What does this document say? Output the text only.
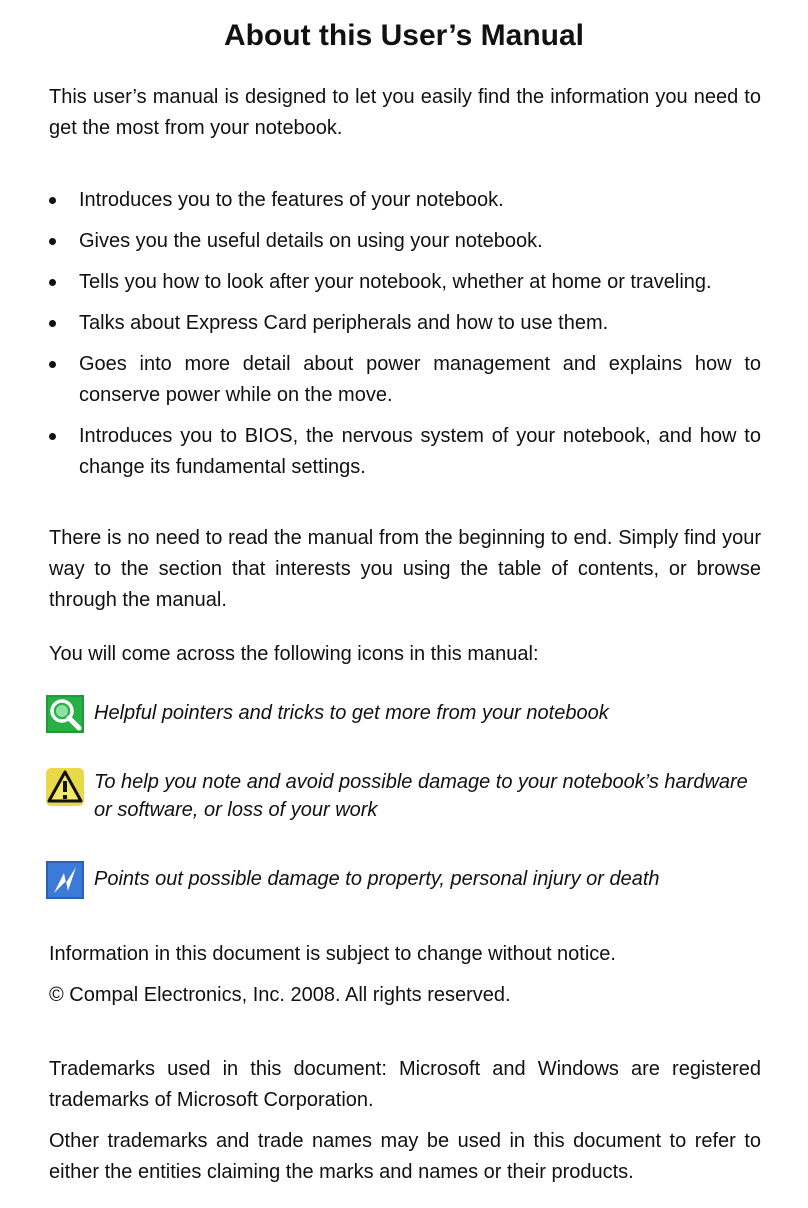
About this User’s Manual

This user’s manual is designed to let you easily find the information you need to get the most from your notebook.

Introduces you to the features of your notebook.
Gives you the useful details on using your notebook.
Tells you how to look after your notebook, whether at home or traveling.
Talks about Express Card peripherals and how to use them.
Goes into more detail about power management and explains how to conserve power while on the move.
Introduces you to BIOS, the nervous system of your notebook, and how to change its fundamental settings.

There is no need to read the manual from the beginning to end. Simply find your way to the section that interests you using the table of contents, or browse through the manual.

You will come across the following icons in this manual:

Helpful pointers and tricks to get more from your notebook

To help you note and avoid possible damage to your notebook’s hardware or software, or loss of your work

Points out possible damage to property, personal injury or death

Information in this document is subject to change without notice.

© Compal Electronics, Inc. 2008. All rights reserved.

Trademarks used in this document: Microsoft and Windows are registered trademarks of Microsoft Corporation.

Other trademarks and trade names may be used in this document to refer to either the entities claiming the marks and names or their products.
